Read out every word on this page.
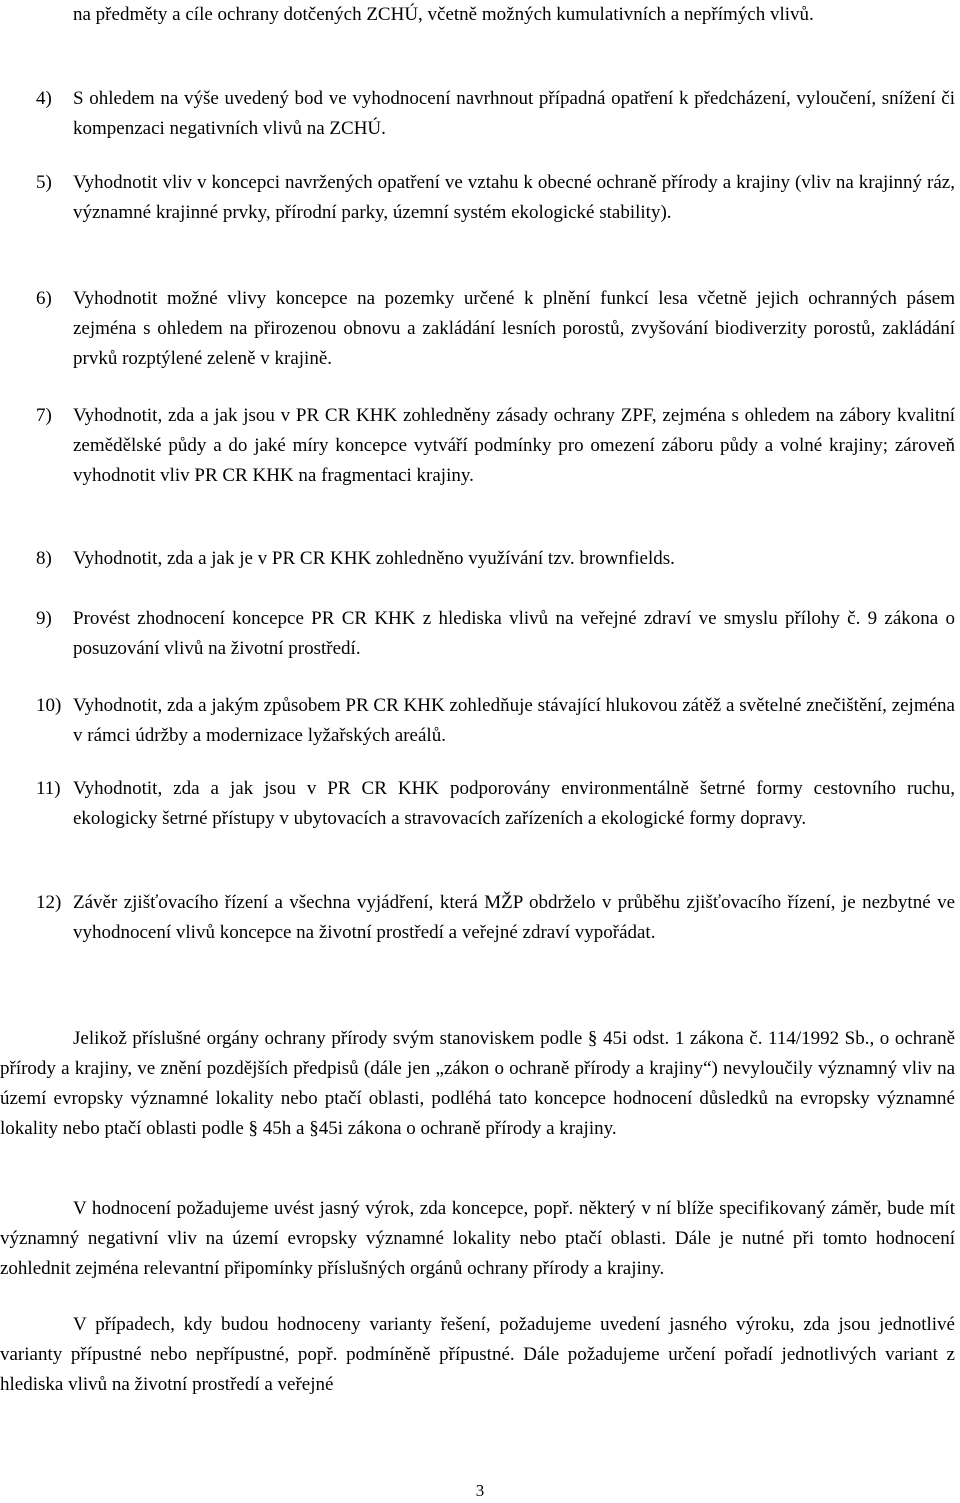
na předměty a cíle ochrany dotčených ZCHÚ, včetně možných kumulativních a nepřímých vlivů.
4) S ohledem na výše uvedený bod ve vyhodnocení navrhnout případná opatření k předcházení, vyloučení, snížení či kompenzaci negativních vlivů na ZCHÚ.
5) Vyhodnotit vliv v koncepci navržených opatření ve vztahu k obecné ochraně přírody a krajiny (vliv na krajinný ráz, významné krajinné prvky, přírodní parky, územní systém ekologické stability).
6) Vyhodnotit možné vlivy koncepce na pozemky určené k plnění funkcí lesa včetně jejich ochranných pásem zejména s ohledem na přirozenou obnovu a zakládání lesních porostů, zvyšování biodiverzity porostů, zakládání prvků rozptýlené zeleně v krajině.
7) Vyhodnotit, zda a jak jsou v PR CR KHK zohledněny zásady ochrany ZPF, zejména s ohledem na zábory kvalitní zemědělské půdy a do jaké míry koncepce vytváří podmínky pro omezení záboru půdy a volné krajiny; zároveň vyhodnotit vliv PR CR KHK na fragmentaci krajiny.
8) Vyhodnotit, zda a jak je v PR CR KHK zohledněno využívání tzv. brownfields.
9) Provést zhodnocení koncepce PR CR KHK z hlediska vlivů na veřejné zdraví ve smyslu přílohy č. 9 zákona o posuzování vlivů na životní prostředí.
10) Vyhodnotit, zda a jakým způsobem PR CR KHK zohledňuje stávající hlukovou zátěž a světelné znečištění, zejména v rámci údržby a modernizace lyžařských areálů.
11) Vyhodnotit, zda a jak jsou v PR CR KHK podporovány environmentálně šetrné formy cestovního ruchu, ekologicky šetrné přístupy v ubytovacích a stravovacích zařízeních a ekologické formy dopravy.
12) Závěr zjišťovacího řízení a všechna vyjádření, která MŽP obdrželo v průběhu zjišťovacího řízení, je nezbytné ve vyhodnocení vlivů koncepce na životní prostředí a veřejné zdraví vypořádat.
Jelikož příslušné orgány ochrany přírody svým stanoviskem podle § 45i odst. 1 zákona č. 114/1992 Sb., o ochraně přírody a krajiny, ve znění pozdějších předpisů (dále jen „zákon o ochraně přírody a krajiny“) nevyloučily významný vliv na území evropsky významné lokality nebo ptačí oblasti, podléhá tato koncepce hodnocení důsledků na evropsky významné lokality nebo ptačí oblasti podle § 45h a §45i zákona o ochraně přírody a krajiny.
V hodnocení požadujeme uvést jasný výrok, zda koncepce, popř. některý v ní blíže specifikovaný záměr, bude mít významný negativní vliv na území evropsky významné lokality nebo ptačí oblasti. Dále je nutné při tomto hodnocení zohlednit zejména relevantní připomínky příslušných orgánů ochrany přírody a krajiny.
V případech, kdy budou hodnoceny varianty řešení, požadujeme uvedení jasného výroku, zda jsou jednotlivé varianty přípustné nebo nepřípustné, popř. podmíněně přípustné. Dále požadujeme určení pořadí jednotlivých variant z hlediska vlivů na životní prostředí a veřejné
3
